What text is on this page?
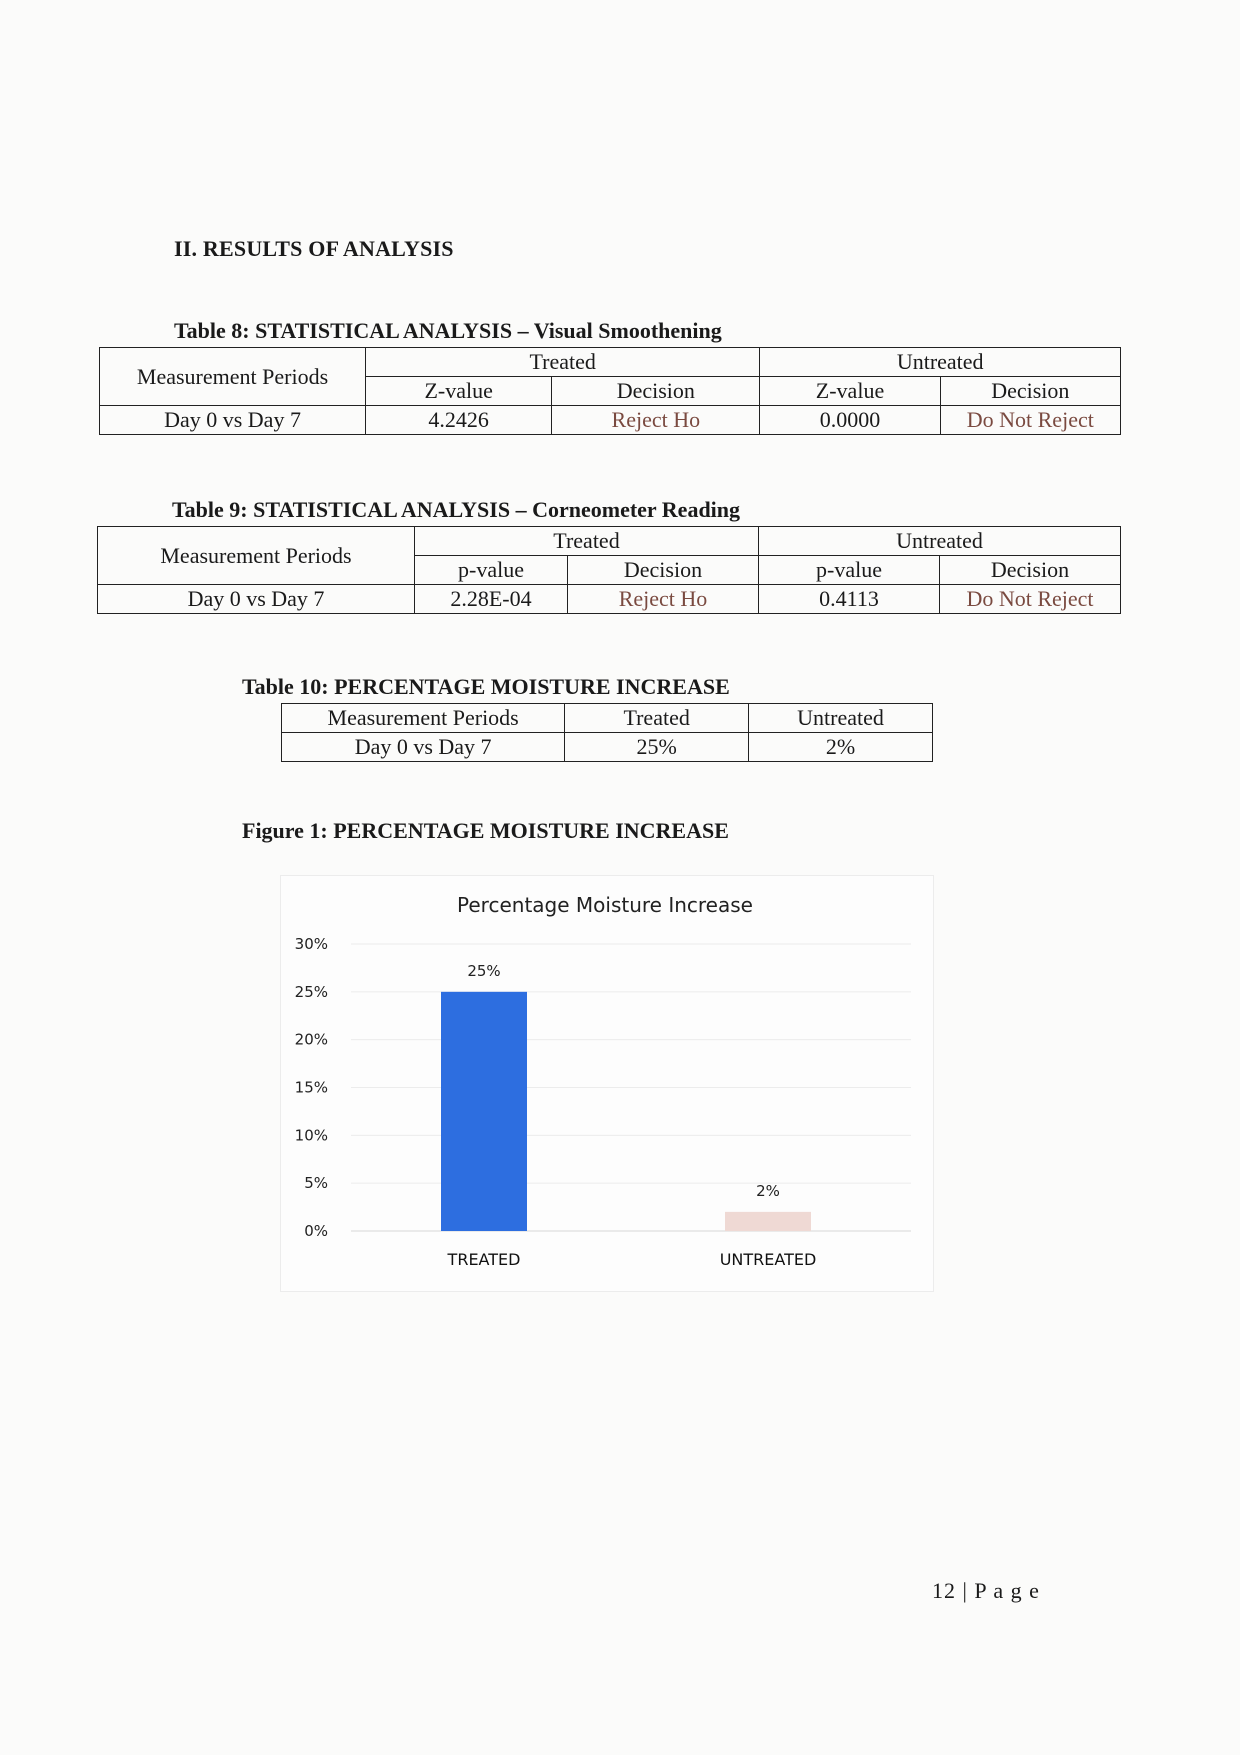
II. RESULTS OF ANALYSIS
Table 8: STATISTICAL ANALYSIS – Visual Smoothening
Measurement Periods	Treated		Untreated	
	Z-value	Decision	Z-value	Decision
Day 0 vs Day 7	4.2426	Reject Ho	0.0000	Do Not Reject
Table 9: STATISTICAL ANALYSIS – Corneometer Reading
Measurement Periods	Treated		Untreated	
	p-value	Decision	p-value	Decision
Day 0 vs Day 7	2.28E-04	Reject Ho	0.4113	Do Not Reject
Table 10: PERCENTAGE MOISTURE INCREASE
Measurement Periods	Treated	Untreated
Day 0 vs Day 7	25%	2%
Figure 1: PERCENTAGE MOISTURE INCREASE
Percentage Moisture Increase
0%
5%
10%
15%
20%
25%
30%
25%
TREATED
2%
UNTREATED
12 | P a g e
